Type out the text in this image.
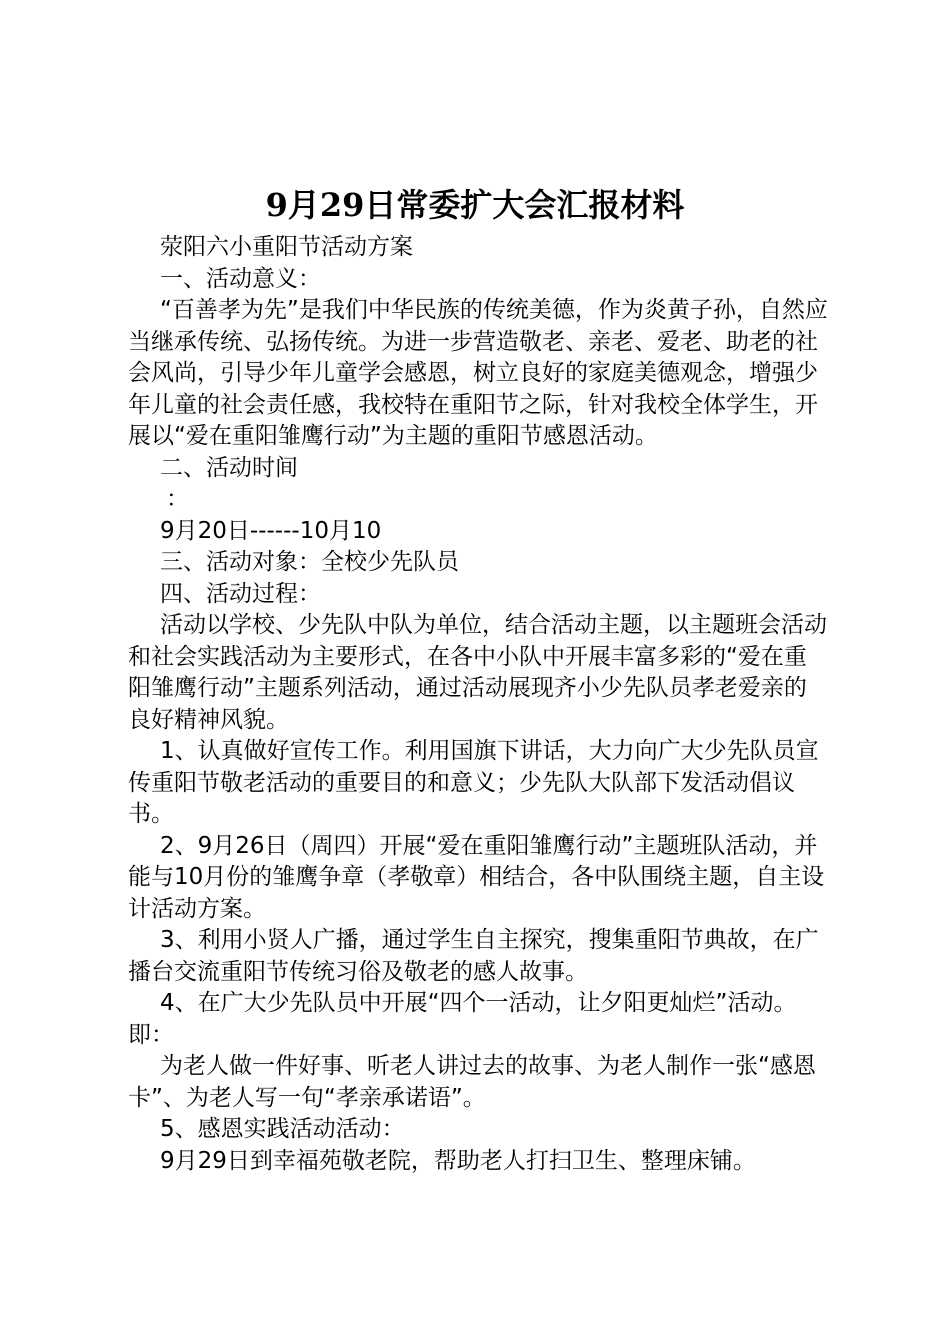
9月29日常委扩大会汇报材料

荥阳六小重阳节活动方案

一、活动意义：

“百善孝为先”是我们中华民族的传统美德，作为炎黄子孙，自然应当继承传统、弘扬传统。为进一步营造敬老、亲老、爱老、助老的社会风尚，引导少年儿童学会感恩，树立良好的家庭美德观念，增强少年儿童的社会责任感，我校特在重阳节之际，针对我校全体学生，开展以“爱在重阳雏鹰行动”为主题的重阳节感恩活动。

二、活动时间

：

9月20日------10月10

三、活动对象：全校少先队员

四、活动过程：

活动以学校、少先队中队为单位，结合活动主题，以主题班会活动和社会实践活动为主要形式，在各中小队中开展丰富多彩的“爱在重阳雏鹰行动”主题系列活动，通过活动展现齐小少先队员孝老爱亲的良好精神风貌。

1、认真做好宣传工作。利用国旗下讲话，大力向广大少先队员宣传重阳节敬老活动的重要目的和意义；少先队大队部下发活动倡议书。

2、9月26日（周四）开展“爱在重阳雏鹰行动”主题班队活动，并能与10月份的雏鹰争章（孝敬章）相结合，各中队围绕主题，自主设计活动方案。

3、利用小贤人广播，通过学生自主探究，搜集重阳节典故，在广播台交流重阳节传统习俗及敬老的感人故事。

4、在广大少先队员中开展“四个一活动，让夕阳更灿烂”活动。即：

为老人做一件好事、听老人讲过去的故事、为老人制作一张“感恩卡”、为老人写一句“孝亲承诺语”。

5、感恩实践活动活动：

9月29日到幸福苑敬老院，帮助老人打扫卫生、整理床铺。
